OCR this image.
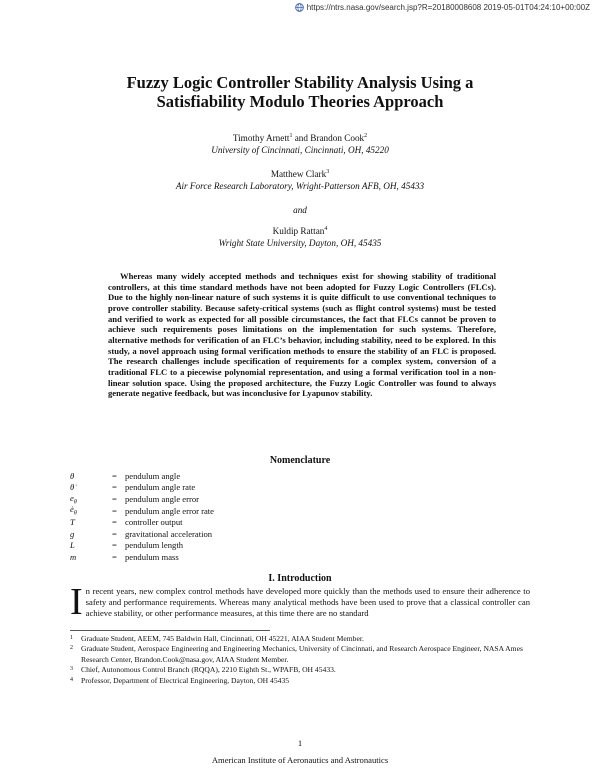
https://ntrs.nasa.gov/search.jsp?R=20180008608 2019-05-01T04:24:10+00:00Z
Fuzzy Logic Controller Stability Analysis Using a
Satisfiability Modulo Theories Approach
Timothy Arnett$^1$ and Brandon Cook$^2$
University of Cincinnati, Cincinnati, OH, 45220
Matthew Clark$^3$
Air Force Research Laboratory, Wright-Patterson AFB, OH, 45433
and
Kuldip Rattan$^4$
Wright State University, Dayton, OH, 45435
Whereas many widely accepted methods and techniques exist for showing stability of traditional controllers, at this time standard methods have not been adopted for Fuzzy Logic Controllers (FLCs). Due to the highly non-linear nature of such systems it is quite difficult to use conventional techniques to prove controller stability. Because safety-critical systems (such as flight control systems) must be tested and verified to work as expected for all possible circumstances, the fact that FLCs cannot be proven to achieve such requirements poses limitations on the implementation for such systems. Therefore, alternative methods for verification of an FLC’s behavior, including stability, need to be explored. In this study, a novel approach using formal verification methods to ensure the stability of an FLC is proposed. The research challenges include specification of requirements for a complex system, conversion of a traditional FLC to a piecewise polynomial representation, and using a formal verification tool in a non-linear solution space. Using the proposed architecture, the Fuzzy Logic Controller was found to always generate negative feedback, but was inconclusive for Lyapunov stability.
Nomenclature
θ	= pendulum angle
θ̇	= pendulum angle rate
$e_\theta$	= pendulum angle error
$ė_\theta$	= pendulum angle error rate
T	= controller output
g	= gravitational acceleration
L	= pendulum length
m	= pendulum mass
I. Introduction
In recent years, new complex control methods have developed more quickly than the methods used to ensure their adherence to safety and performance requirements. Whereas many analytical methods have been used to prove that a classical controller can achieve stability, or other performance measures, at this time there are no standard
1	Graduate Student, AEEM, 745 Baldwin Hall, Cincinnati, OH 45221, AIAA Student Member.
2	Graduate Student, Aerospace Engineering and Engineering Mechanics, University of Cincinnati, and Research Aerospace Engineer, NASA Ames Research Center, Brandon.Cook@nasa.gov, AIAA Student Member.
3	Chief, Autonomous Control Branch (RQQA), 2210 Eighth St., WPAFB, OH 45433.
4	Professor, Department of Electrical Engineering, Dayton, OH 45435
1
American Institute of Aeronautics and Astronautics
